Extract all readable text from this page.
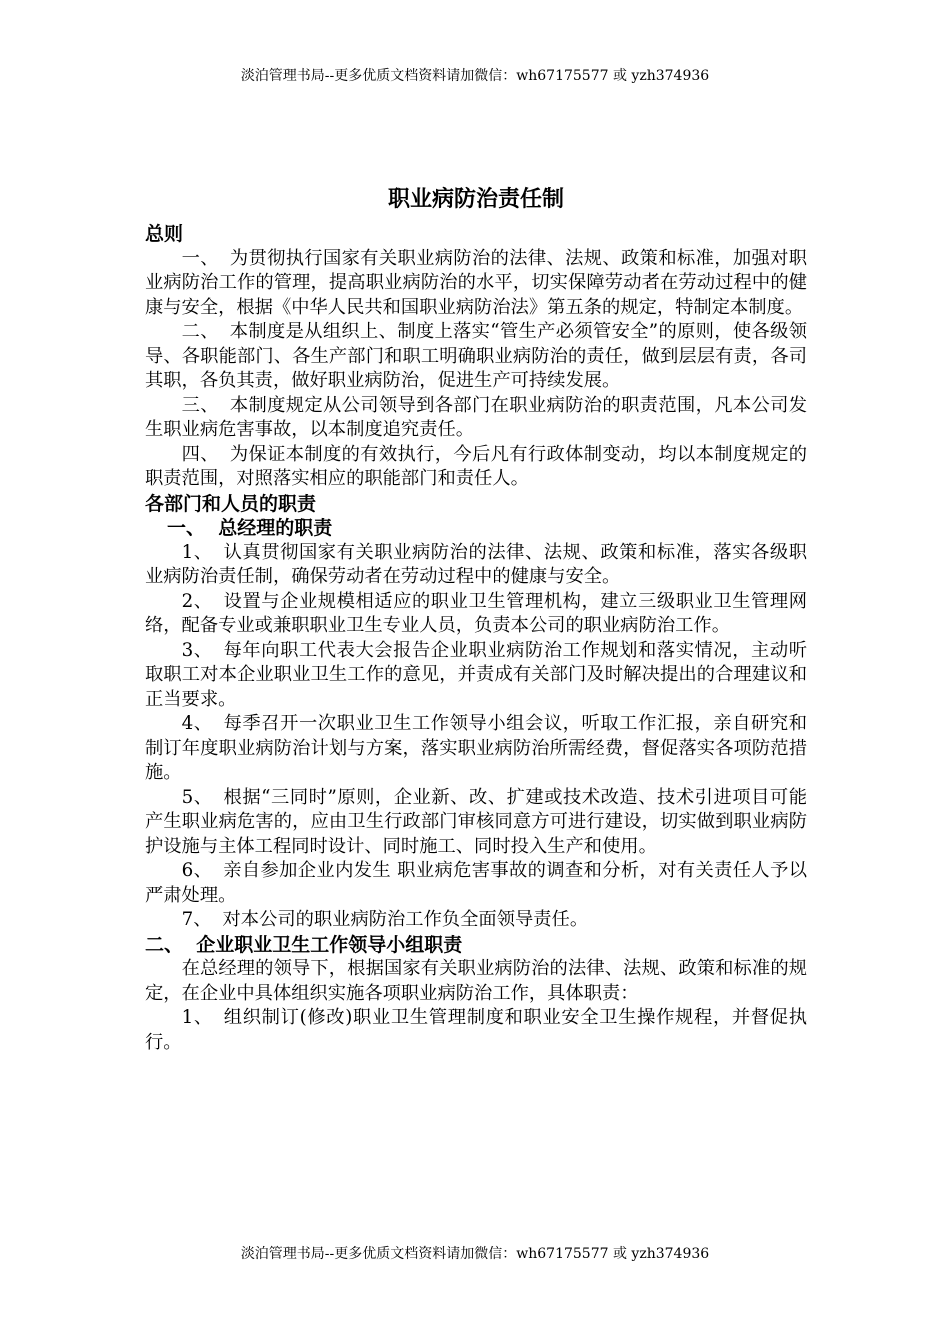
淡泊管理书局--更多优质文档资料请加微信：wh67175577 或 yzh374936
职业病防治责任制
总则
一、 为贯彻执行国家有关职业病防治的法律、法规、政策和标准，加强对职业病防治工作的管理，提高职业病防治的水平，切实保障劳动者在劳动过程中的健康与安全，根据《中华人民共和国职业病防治法》第五条的规定，特制定本制度。
二、 本制度是从组织上、制度上落实“管生产必须管安全”的原则，使各级领导、各职能部门、各生产部门和职工明确职业病防治的责任，做到层层有责，各司其职，各负其责，做好职业病防治，促进生产可持续发展。
三、 本制度规定从公司领导到各部门在职业病防治的职责范围，凡本公司发生职业病危害事故，以本制度追究责任。
四、 为保证本制度的有效执行，今后凡有行政体制变动，均以本制度规定的职责范围，对照落实相应的职能部门和责任人。
各部门和人员的职责
一、  总经理的职责
1、 认真贯彻国家有关职业病防治的法律、法规、政策和标准，落实各级职业病防治责任制，确保劳动者在劳动过程中的健康与安全。
2、 设置与企业规模相适应的职业卫生管理机构，建立三级职业卫生管理网络，配备专业或兼职职业卫生专业人员，负责本公司的职业病防治工作。
3、 每年向职工代表大会报告企业职业病防治工作规划和落实情况，主动听取职工对本企业职业卫生工作的意见，并责成有关部门及时解决提出的合理建议和正当要求。
4、 每季召开一次职业卫生工作领导小组会议，听取工作汇报，亲自研究和制订年度职业病防治计划与方案，落实职业病防治所需经费，督促落实各项防范措施。
5、 根据“三同时”原则，企业新、改、扩建或技术改造、技术引进项目可能产生职业病危害的，应由卫生行政部门审核同意方可进行建设，切实做到职业病防护设施与主体工程同时设计、同时施工、同时投入生产和使用。
6、 亲自参加企业内发生 职业病危害事故的调查和分析，对有关责任人予以严肃处理。
7、 对本公司的职业病防治工作负全面领导责任。
二、  企业职业卫生工作领导小组职责
在总经理的领导下，根据国家有关职业病防治的法律、法规、政策和标准的规定，在企业中具体组织实施各项职业病防治工作，具体职责：
1、 组织制订(修改)职业卫生管理制度和职业安全卫生操作规程，并督促执行。
淡泊管理书局--更多优质文档资料请加微信：wh67175577 或 yzh374936
